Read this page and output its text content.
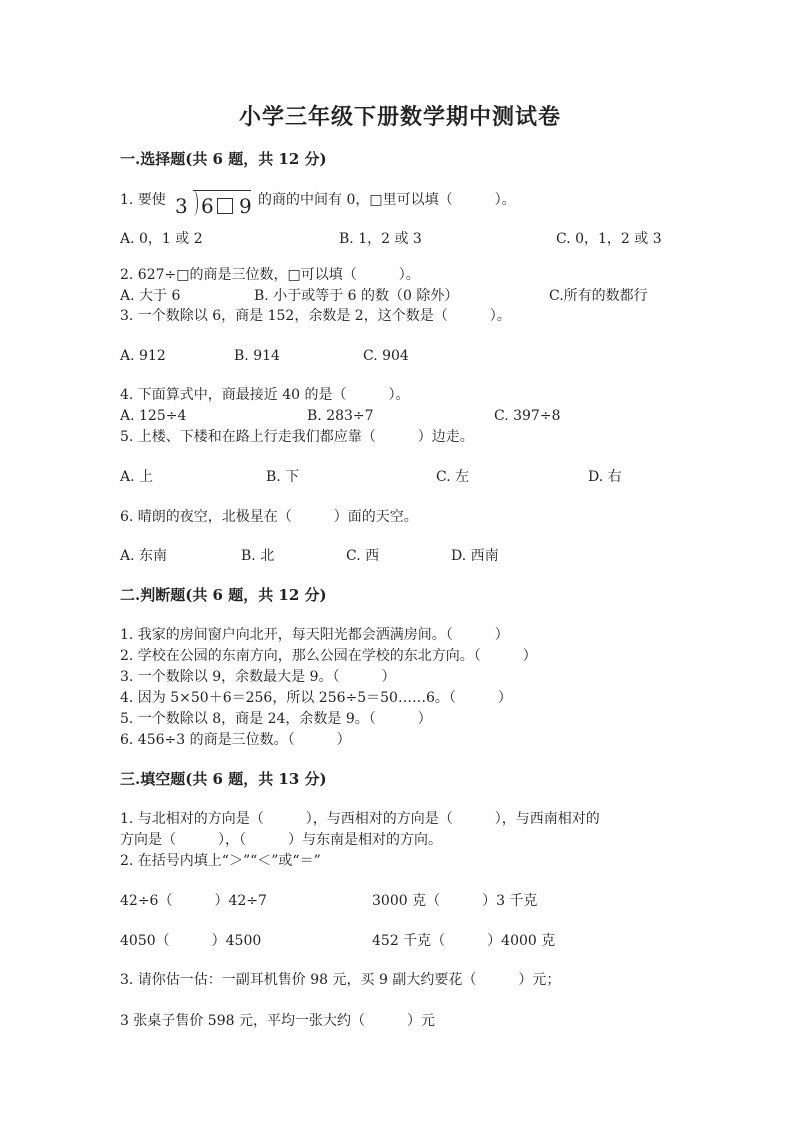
小学三年级下册数学期中测试卷
一.选择题(共 6 题，共 12 分)
1. 要使 3 6 9 的商的中间有 0，□里可以填（　　　）。
A. 0，1 或 2	B. 1，2 或 3	C. 0，1，2 或 3
2. 627÷□的商是三位数，□可以填（　　　）。
A. 大于 6	B. 小于或等于 6 的数（0 除外）	C.所有的数都行
3. 一个数除以 6，商是 152，余数是 2，这个数是（　　　）。
A. 912	B. 914	C. 904
4. 下面算式中，商最接近 40 的是（　　　）。
A. 125÷4	B. 283÷7	C. 397÷8
5. 上楼、下楼和在路上行走我们都应靠（　　　）边走。
A. 上	B. 下	C. 左	D. 右
6. 晴朗的夜空，北极星在（　　　）面的天空。
A. 东南	B. 北	C. 西	D. 西南
二.判断题(共 6 题，共 12 分)
1. 我家的房间窗户向北开，每天阳光都会洒满房间。（　　　）
2. 学校在公园的东南方向，那么公园在学校的东北方向。（　　　）
3. 一个数除以 9，余数最大是 9。（　　　）
4. 因为 5×50＋6＝256，所以 256÷5＝50……6。（　　　）
5. 一个数除以 8，商是 24，余数是 9。（　　　）
6. 456÷3 的商是三位数。（　　　）
三.填空题(共 6 题，共 13 分)
1. 与北相对的方向是（　　　），与西相对的方向是（　　　），与西南相对的
方向是（　　　），（　　　）与东南是相对的方向。
2. 在括号内填上“＞”“＜”或“＝”
42÷6（　　　）42÷7	3000 克（　　　）3 千克
4050（　　　）4500	452 千克（　　　）4000 克
3. 请你估一估：一副耳机售价 98 元，买 9 副大约要花（　　　）元；
3 张桌子售价 598 元，平均一张大约（　　　）元
